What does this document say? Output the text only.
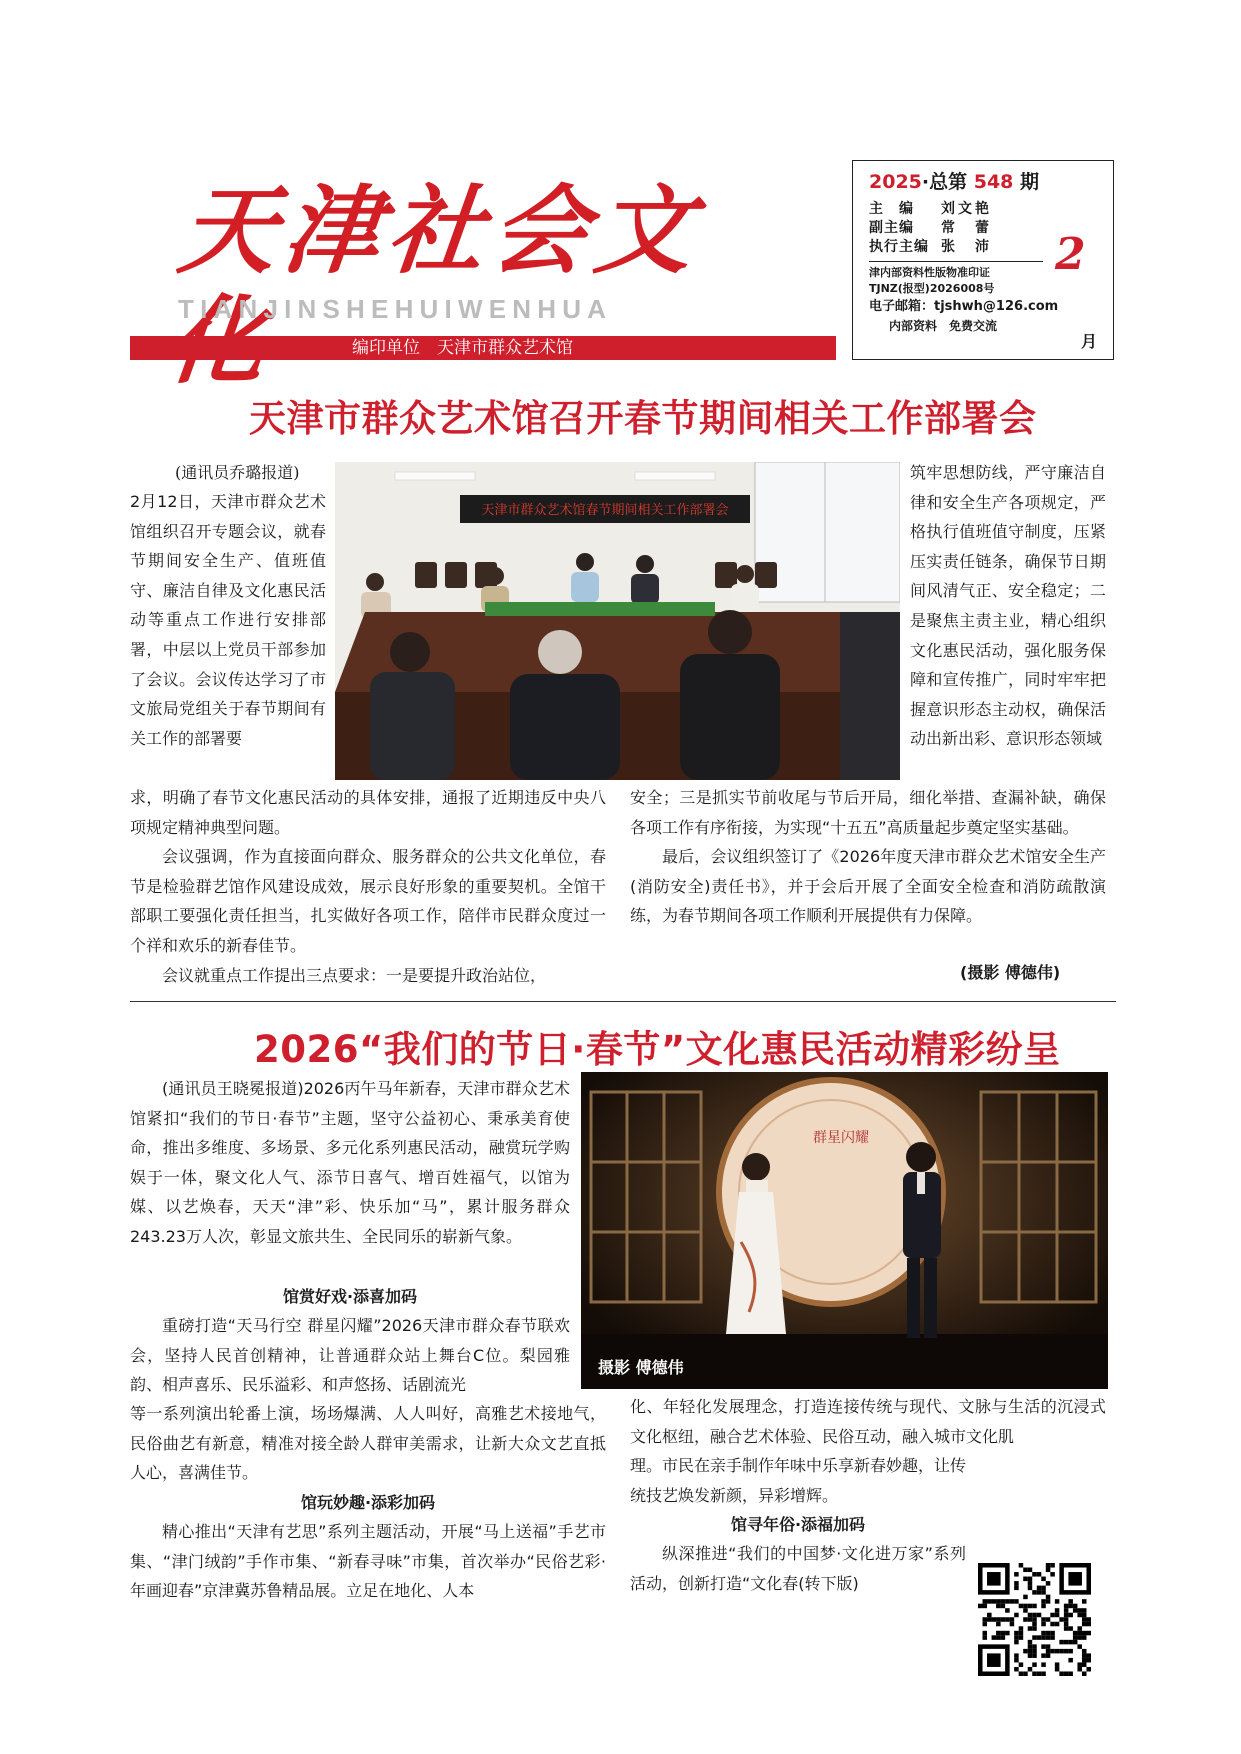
天津社会文化
TIANJINSHEHUIWENHUA
编印单位　天津市群众艺术馆
2025·总第 548 期
主　编	刘文艳
副主编	常　蕾
执行主编 张　沛
津内部资料性版物准印证
TJNZ(报型)2026008号
电子邮箱：tjshwh@126.com
内部资料　免费交流
2
月
天津市群众艺术馆召开春节期间相关工作部署会
(通讯员乔璐报道)
2月12日，天津市群众艺术馆组织召开专题会议，就春节期间安全生产、值班值守、廉洁自律及文化惠民活动等重点工作进行安排部署，中层以上党员干部参加了会议。会议传达学习了市文旅局党组关于春节期间有关工作的部署要
天津市群众艺术馆春节期间相关工作部署会
筑牢思想防线，严守廉洁自律和安全生产各项规定，严格执行值班值守制度，压紧压实责任链条，确保节日期间风清气正、安全稳定；二是聚焦主责主业，精心组织文化惠民活动，强化服务保障和宣传推广，同时牢牢把握意识形态主动权，确保活动出新出彩、意识形态领域

求，明确了春节文化惠民活动的具体安排，通报了近期违反中央八项规定精神典型问题。

会议强调，作为直接面向群众、服务群众的公共文化单位，春节是检验群艺馆作风建设成效，展示良好形象的重要契机。全馆干部职工要强化责任担当，扎实做好各项工作，陪伴市民群众度过一个祥和欢乐的新春佳节。

会议就重点工作提出三点要求：一是要提升政治站位，

安全；三是抓实节前收尾与节后开局，细化举措、查漏补缺，确保各项工作有序衔接，为实现“十五五”高质量起步奠定坚实基础。

最后，会议组织签订了《2026年度天津市群众艺术馆安全生产(消防安全)责任书》，并于会后开展了全面安全检查和消防疏散演练，为春节期间各项工作顺利开展提供有力保障。

(摄影 傅德伟)
2026“我们的节日·春节”文化惠民活动精彩纷呈
(通讯员王晓冕报道)2026丙午马年新春，天津市群众艺术馆紧扣“我们的节日·春节”主题，坚守公益初心、秉承美育使命，推出多维度、多场景、多元化系列惠民活动，融赏玩学购娱于一体，聚文化人气、添节日喜气、增百姓福气，以馆为媒、以艺焕春，天天“津”彩、快乐加“马”，累计服务群众243.23万人次，彰显文旅共生、全民同乐的崭新气象。
馆赏好戏·添喜加码
重磅打造“天马行空 群星闪耀”2026天津市群众春节联欢会，坚持人民首创精神，让普通群众站上舞台C位。梨园雅韵、相声喜乐、民乐溢彩、和声悠扬、话剧流光
等一系列演出轮番上演，场场爆满、人人叫好，高雅艺术接地气，民俗曲艺有新意，精准对接全龄人群审美需求，让新大众文艺直抵人心，喜满佳节。
馆玩妙趣·添彩加码
精心推出“天津有艺思”系列主题活动，开展“马上送福”手艺市集、“津门绒韵”手作市集、“新春寻味”市集，首次举办“民俗艺彩·年画迎春”京津冀苏鲁精品展。立足在地化、人本
群星闪耀
摄影 傅德伟
化、年轻化发展理念，打造连接传统与现代、文脉与生活的沉浸式文化枢纽，融合艺术体验、民俗互动，融入城市文化肌
理。市民在亲手制作年味中乐享新春妙趣，让传统技艺焕发新颜，异彩增辉。
馆寻年俗·添福加码
纵深推进“我们的中国梦·文化进万家”系列活动，创新打造“文化春(转下版)
